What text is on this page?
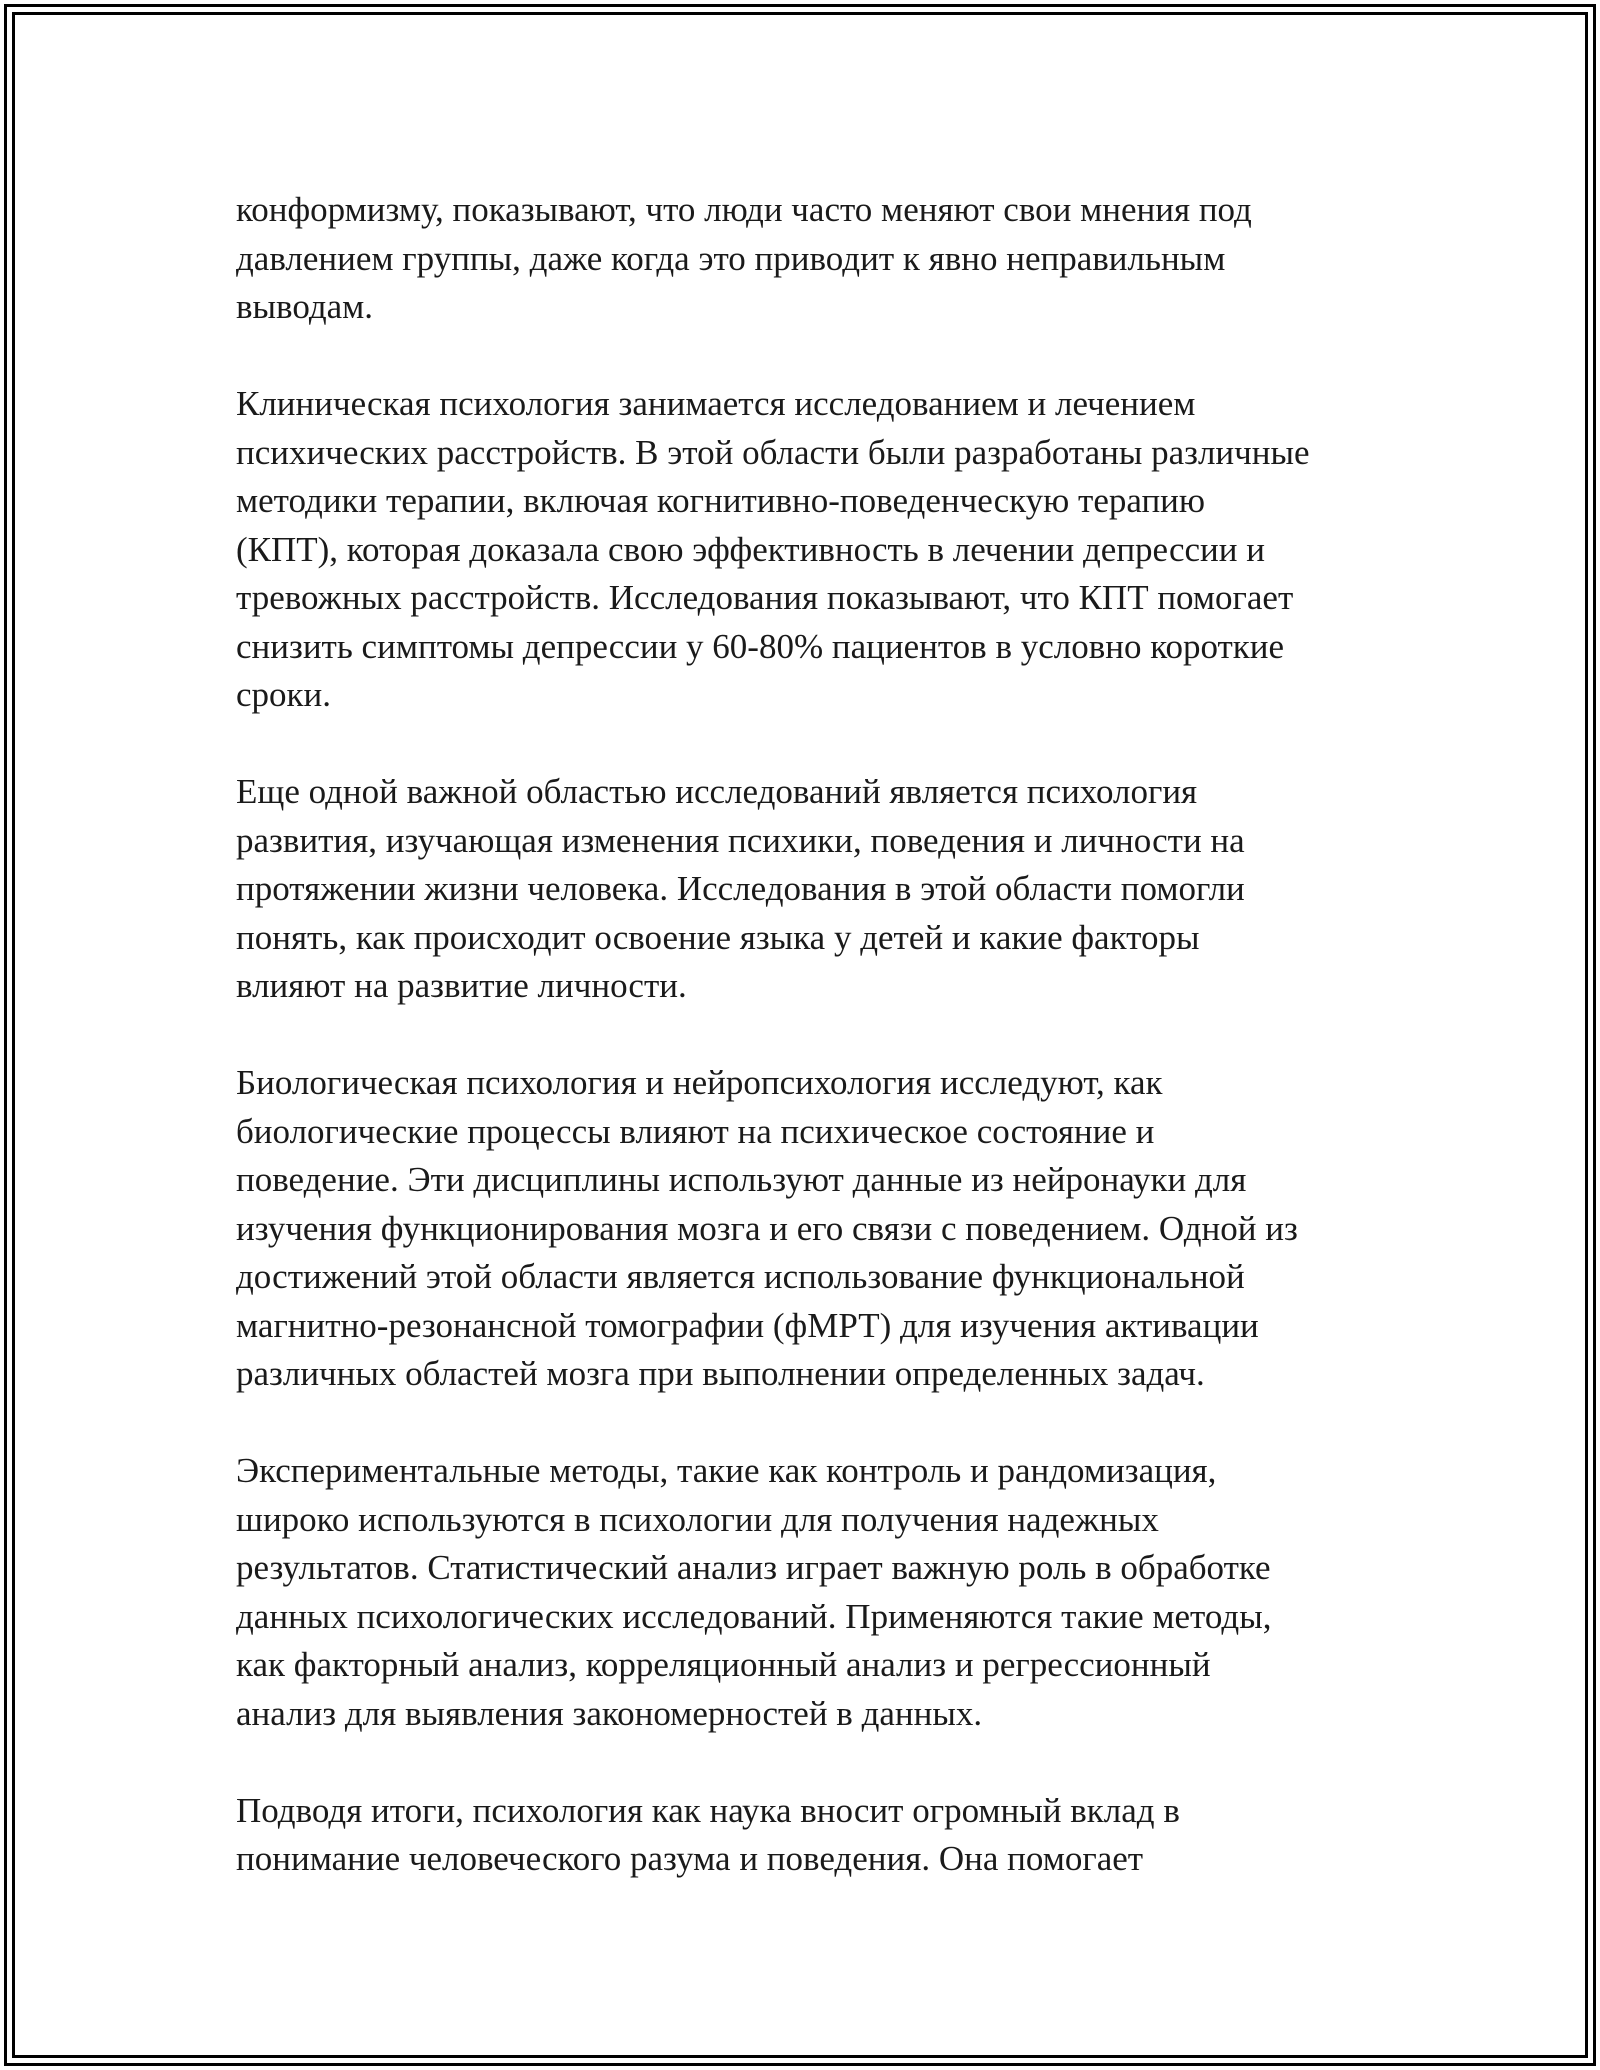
конформизму, показывают, что люди часто меняют свои мнения под
давлением группы, даже когда это приводит к явно неправильным
выводам.

Клиническая психология занимается исследованием и лечением
психических расстройств. В этой области были разработаны различные
методики терапии, включая когнитивно-поведенческую терапию
(КПТ), которая доказала свою эффективность в лечении депрессии и
тревожных расстройств. Исследования показывают, что КПТ помогает
снизить симптомы депрессии у 60-80% пациентов в условно короткие
сроки.

Еще одной важной областью исследований является психология
развития, изучающая изменения психики, поведения и личности на
протяжении жизни человека. Исследования в этой области помогли
понять, как происходит освоение языка у детей и какие факторы
влияют на развитие личности.

Биологическая психология и нейропсихология исследуют, как
биологические процессы влияют на психическое состояние и
поведение. Эти дисциплины используют данные из нейронауки для
изучения функционирования мозга и его связи с поведением. Одной из
достижений этой области является использование функциональной
магнитно-резонансной томографии (фМРТ) для изучения активации
различных областей мозга при выполнении определенных задач.

Экспериментальные методы, такие как контроль и рандомизация,
широко используются в психологии для получения надежных
результатов. Статистический анализ играет важную роль в обработке
данных психологических исследований. Применяются такие методы,
как факторный анализ, корреляционный анализ и регрессионный
анализ для выявления закономерностей в данных.

Подводя итоги, психология как наука вносит огромный вклад в
понимание человеческого разума и поведения. Она помогает
